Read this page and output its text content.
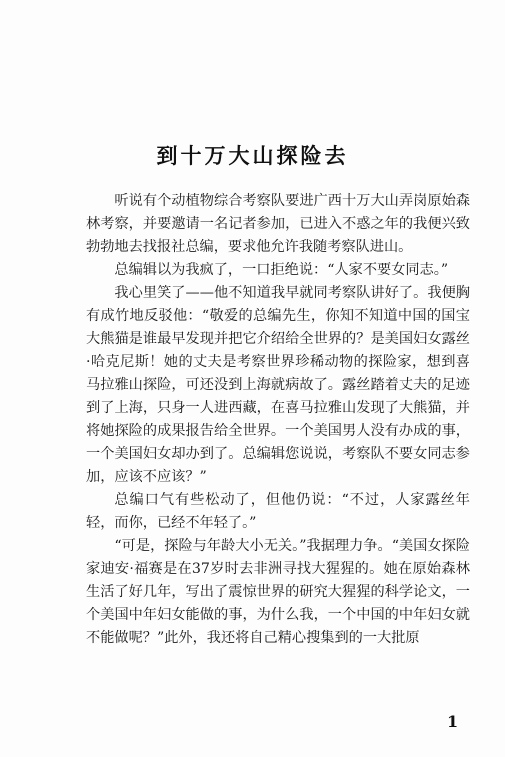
到十万大山探险去

听说有个动植物综合考察队要进广西十万大山弄岗原始森林考察，并要邀请一名记者参加，已进入不惑之年的我便兴致勃勃地去找报社总编，要求他允许我随考察队进山。

总编辑以为我疯了，一口拒绝说：“人家不要女同志。”

我心里笑了——他不知道我早就同考察队讲好了。我便胸有成竹地反驳他：“敬爱的总编先生，你知不知道中国的国宝大熊猫是谁最早发现并把它介绍给全世界的？是美国妇女露丝·哈克尼斯！她的丈夫是考察世界珍稀动物的探险家，想到喜马拉雅山探险，可还没到上海就病故了。露丝踏着丈夫的足迹到了上海，只身一人进西藏，在喜马拉雅山发现了大熊猫，并将她探险的成果报告给全世界。一个美国男人没有办成的事，一个美国妇女却办到了。总编辑您说说，考察队不要女同志参加，应该不应该？”

总编口气有些松动了，但他仍说：“不过，人家露丝年轻，而你，已经不年轻了。”

“可是，探险与年龄大小无关。”我据理力争。“美国女探险家迪安·福赛是在37岁时去非洲寻找大猩猩的。她在原始森林生活了好几年，写出了震惊世界的研究大猩猩的科学论文，一个美国中年妇女能做的事，为什么我，一个中国的中年妇女就不能做呢？”此外，我还将自己精心搜集到的一大批原

1
